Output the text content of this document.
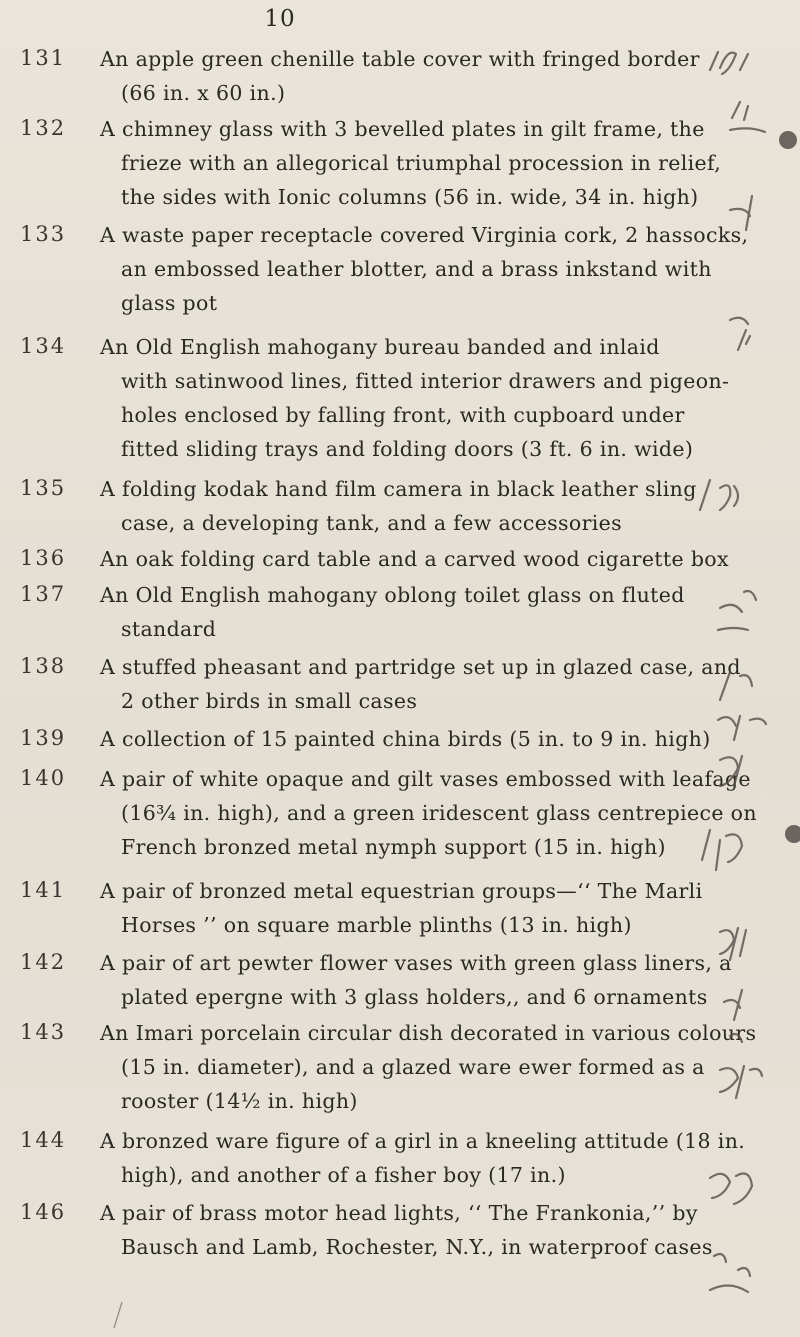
10
131	An apple green chenille table cover with fringed border
(66 in. x 60 in.)
132	A chimney glass with 3 bevelled plates in gilt frame, the
frieze with an allegorical triumphal procession in relief,
the sides with Ionic columns (56 in. wide, 34 in. high)
133	A waste paper receptacle covered Virginia cork, 2 hassocks,
an embossed leather blotter, and a brass inkstand with
glass pot
134	An Old English mahogany bureau banded and inlaid
with satinwood lines, fitted interior drawers and pigeon-
holes enclosed by falling front, with cupboard under
fitted sliding trays and folding doors (3 ft. 6 in. wide)
135	A folding kodak hand film camera in black leather sling
case, a developing tank, and a few accessories
136	An oak folding card table and a carved wood cigarette box
137	An Old English mahogany oblong toilet glass on fluted
standard
138	A stuffed pheasant and partridge set up in glazed case, and
2 other birds in small cases
139	A collection of 15 painted china birds (5 in. to 9 in. high)
140	A pair of white opaque and gilt vases embossed with leafage
(16¾ in. high), and a green iridescent glass centrepiece on
French bronzed metal nymph support (15 in. high)
141	A pair of bronzed metal equestrian groups—‘‘ The Marli
Horses ’’ on square marble plinths (13 in. high)
142	A pair of art pewter flower vases with green glass liners, a
plated epergne with 3 glass holders,, and 6 ornaments
143	An Imari porcelain circular dish decorated in various colours
(15 in. diameter), and a glazed ware ewer formed as a
rooster (14½ in. high)
144	A bronzed ware figure of a girl in a kneeling attitude (18 in.
high), and another of a fisher boy (17 in.)
146	A pair of brass motor head lights, ‘‘ The Frankonia,’’ by
Bausch and Lamb, Rochester, N.Y., in waterproof cases
